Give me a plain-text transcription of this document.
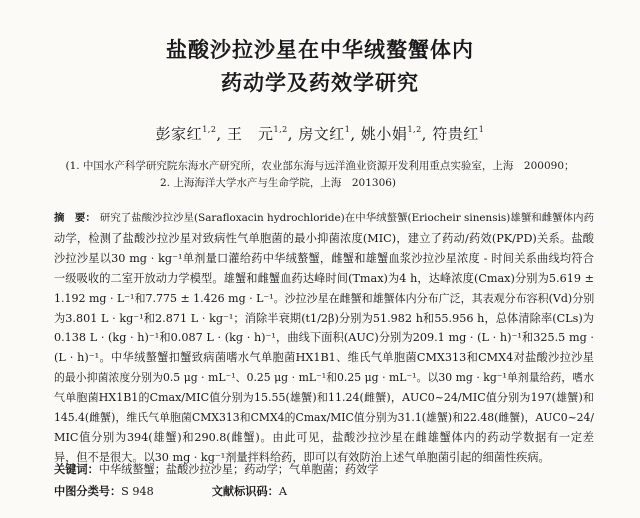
盐酸沙拉沙星在中华绒螯蟹体内
药动学及药效学研究
彭家红$^{1,2}$, 王　元$^{1,2}$, 房文红$^1$, 姚小娟$^{1,2}$, 符贵红$^1$
(1. 中国水产科学研究院东海水产研究所，农业部东海与远洋渔业资源开发利用重点实验室，上海　200090；
2. 上海海洋大学水产与生命学院，上海　201306)
摘　要： 研究了盐酸沙拉沙星(Sarafloxacin hydrochloride)在中华绒螯蟹(Eriocheir sinensis)雄蟹和雌蟹体内药
动学，检测了盐酸沙拉沙星对致病性气单胞菌的最小抑菌浓度(MIC)，建立了药动/药效(PK/PD)关系。盐酸
沙拉沙星以30 mg · kg⁻¹单剂量口灌给药中华绒螯蟹，雌蟹和雄蟹血浆沙拉沙星浓度 - 时间关系曲线均符合
一级吸收的二室开放动力学模型。雄蟹和雌蟹血药达峰时间(Tmax)为4 h，达峰浓度(Cmax)分别为5.619 ±
1.192 mg · L⁻¹和7.775 ± 1.426 mg · L⁻¹。沙拉沙星在雌蟹和雄蟹体内分布广泛，其表观分布容积(Vd)分别
为3.801 L · kg⁻¹和2.871 L · kg⁻¹；消除半衰期(t1/2β)分别为51.982 h和55.956 h，总体清除率(CLs)为
0.138 L · (kg · h)⁻¹和0.087 L · (kg · h)⁻¹，曲线下面积(AUC)分别为209.1 mg · (L · h)⁻¹和325.5 mg ·
(L · h)⁻¹。中华绒螯蟹扣蟹致病菌嗜水气单胞菌HX1B1、维氏气单胞菌CMX313和CMX4对盐酸沙拉沙星
的最小抑菌浓度分别为0.5 μg · mL⁻¹、0.25 μg · mL⁻¹和0.25 μg · mL⁻¹。以30 mg · kg⁻¹单剂量给药，嗜水
气单胞菌HX1B1的Cmax/MIC值分别为15.55(雄蟹)和11.24(雌蟹)，AUC0~24/MIC值分别为197(雄蟹)和
145.4(雌蟹)，维氏气单胞菌CMX313和CMX4的Cmax/MIC值分别为31.1(雄蟹)和22.48(雌蟹)，AUC0~24/
MIC值分别为394(雄蟹)和290.8(雌蟹)。由此可见，盐酸沙拉沙星在雌雄蟹体内的药动学数据有一定差
异，但不是很大。以30 mg · kg⁻¹剂量拌料给药，即可以有效防治上述气单胞菌引起的细菌性疾病。
关键词：中华绒螯蟹；盐酸沙拉沙星；药动学；气单胞菌；药效学
中图分类号：S 948	文献标识码：A
